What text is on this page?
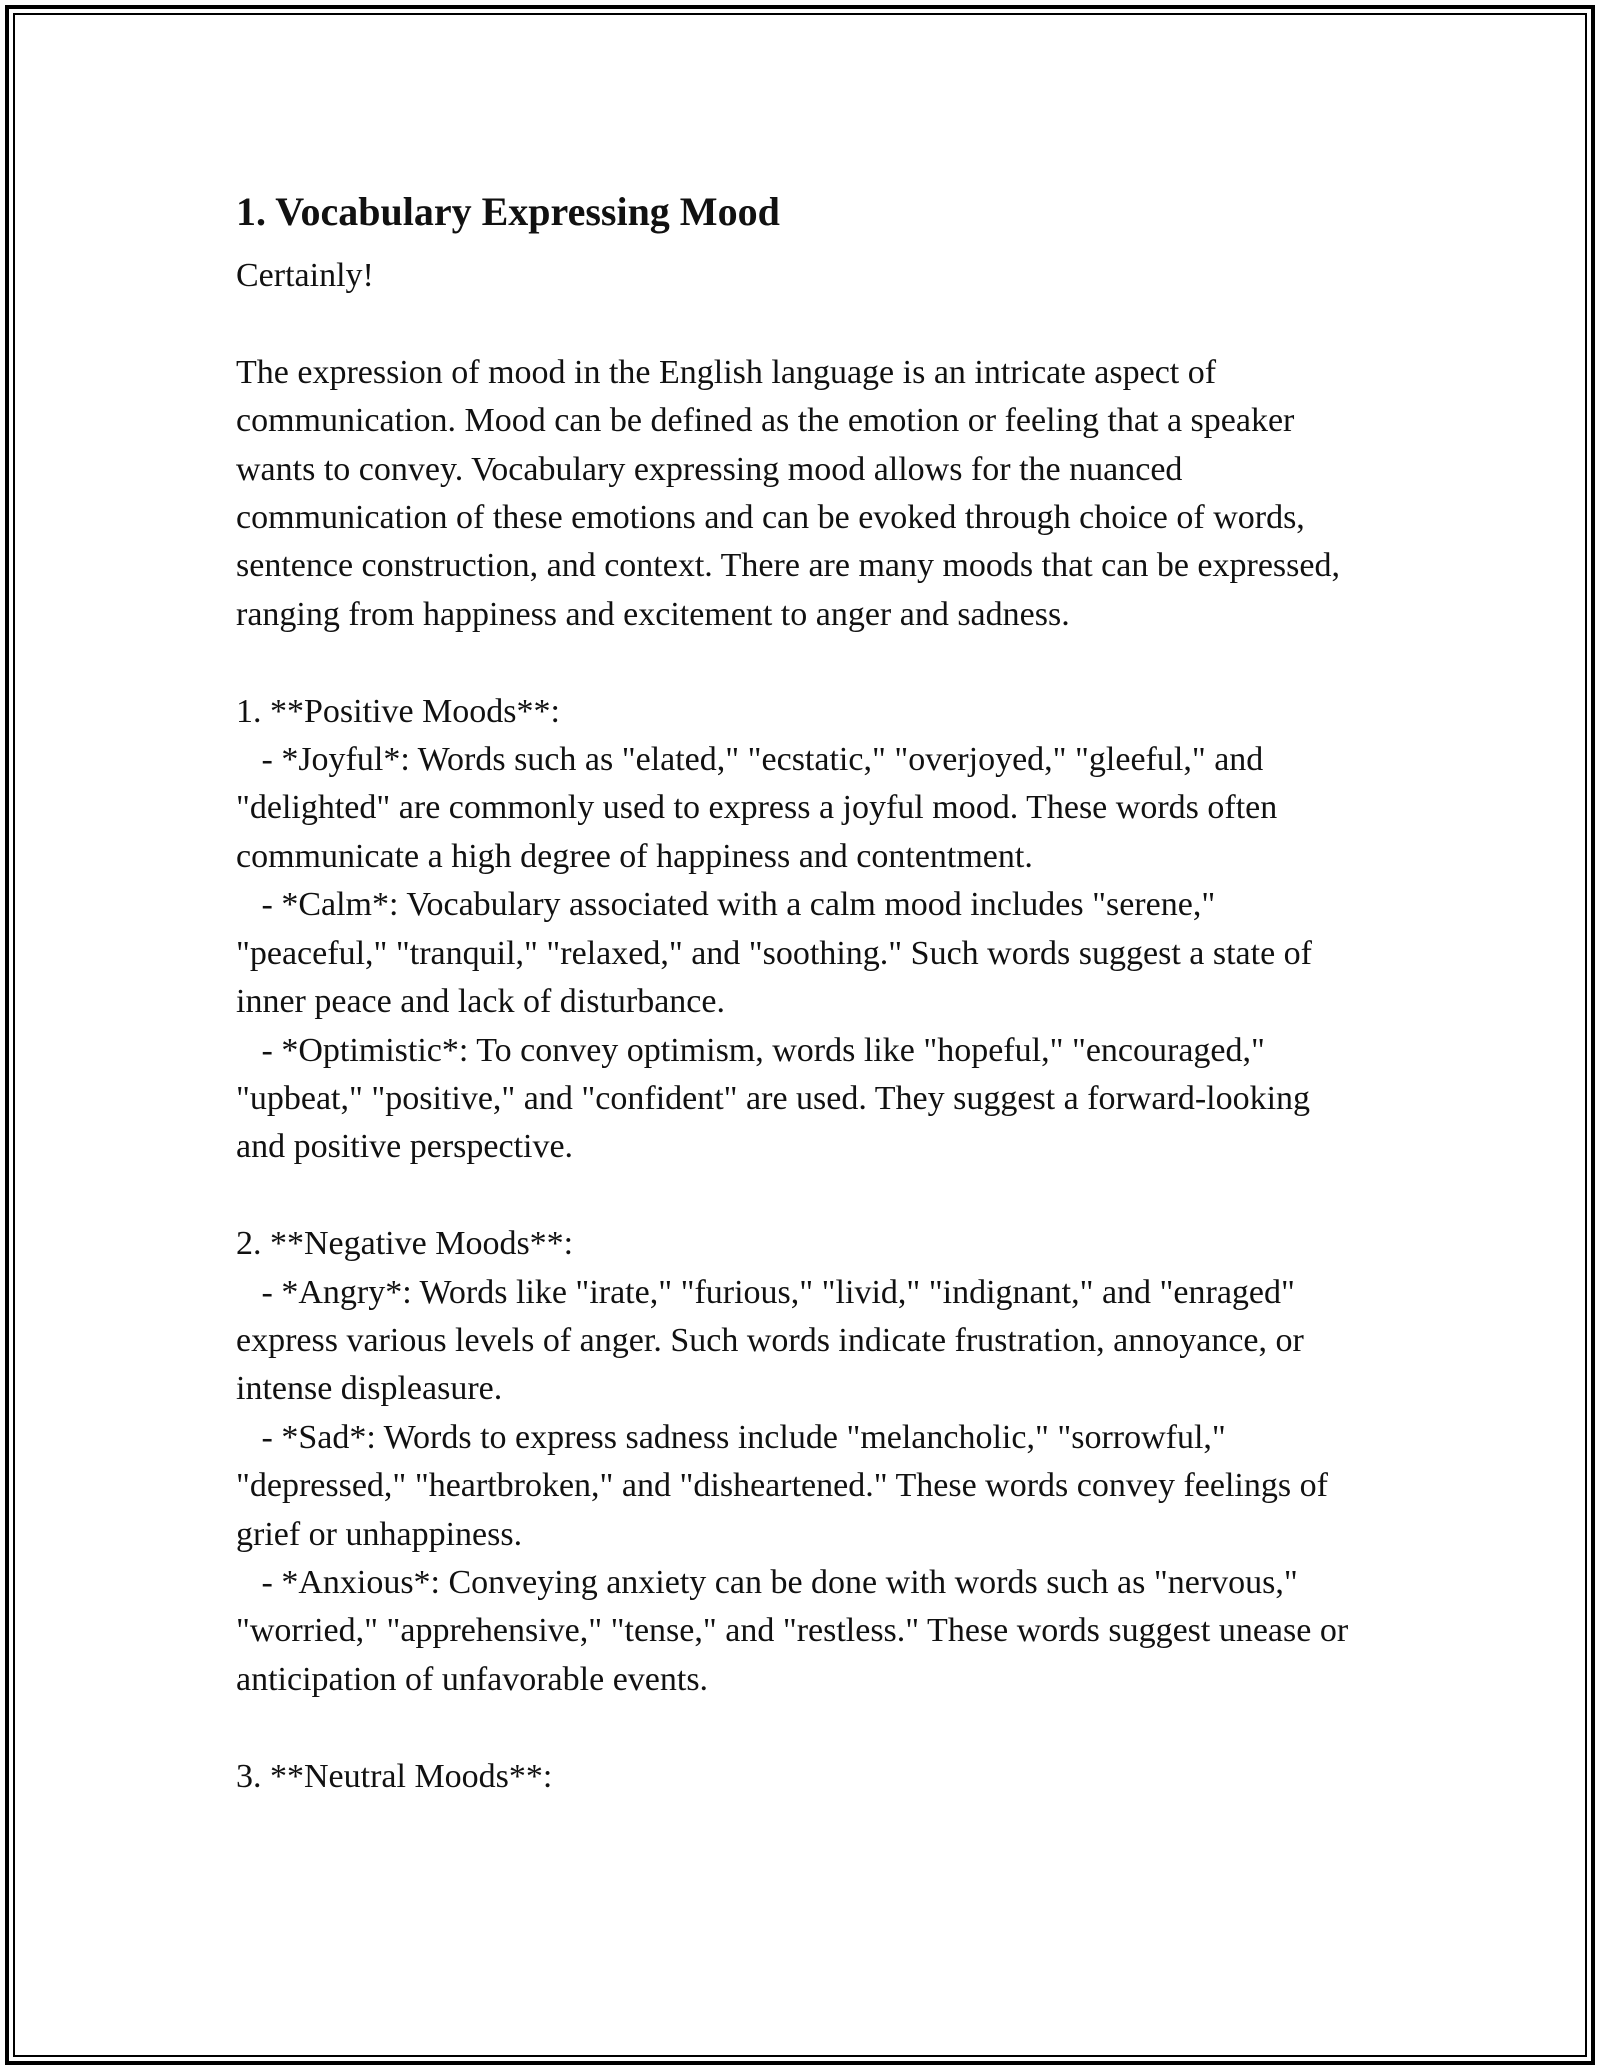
1. Vocabulary Expressing Mood
Certainly!

The expression of mood in the English language is an intricate aspect of communication. Mood can be defined as the emotion or feeling that a speaker wants to convey. Vocabulary expressing mood allows for the nuanced communication of these emotions and can be evoked through choice of words, sentence construction, and context. There are many moods that can be expressed, ranging from happiness and excitement to anger and sadness.

1. **Positive Moods**:
- *Joyful*: Words such as "elated," "ecstatic," "overjoyed," "gleeful," and "delighted" are commonly used to express a joyful mood. These words often communicate a high degree of happiness and contentment.
- *Calm*: Vocabulary associated with a calm mood includes "serene," "peaceful," "tranquil," "relaxed," and "soothing." Such words suggest a state of inner peace and lack of disturbance.
- *Optimistic*: To convey optimism, words like "hopeful," "encouraged," "upbeat," "positive," and "confident" are used. They suggest a forward-looking and positive perspective.

2. **Negative Moods**:
- *Angry*: Words like "irate," "furious," "livid," "indignant," and "enraged" express various levels of anger. Such words indicate frustration, annoyance, or intense displeasure.
- *Sad*: Words to express sadness include "melancholic," "sorrowful," "depressed," "heartbroken," and "disheartened." These words convey feelings of grief or unhappiness.
- *Anxious*: Conveying anxiety can be done with words such as "nervous," "worried," "apprehensive," "tense," and "restless." These words suggest unease or anticipation of unfavorable events.

3. **Neutral Moods**:
